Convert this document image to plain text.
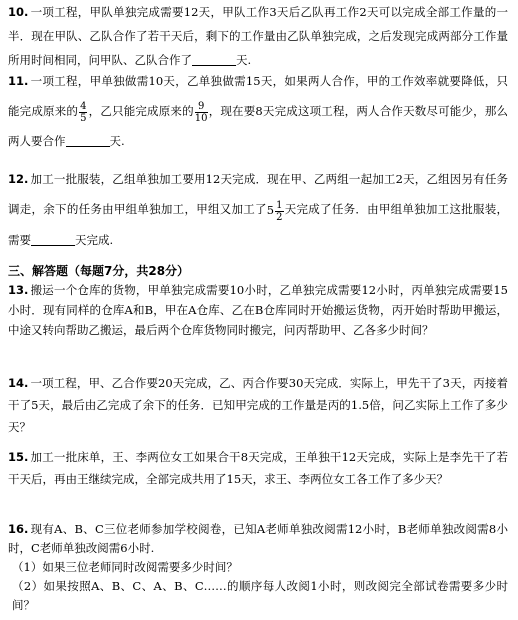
10. 一项工程，甲队单独完成需要12天，甲队工作3天后乙队再工作2天可以完成全部工作量的一半．现在甲队、乙队合作了若干天后，剩下的工作量由乙队单独完成，之后发现完成两部分工作量所用时间相同，问甲队、乙队合作了	天.
11. 一项工程，甲单独做需10天，乙单独做需15天，如果两人合作，甲的工作效率就要降低，只能完成原来的 $\frac{4}{5}$ ，乙只能完成原来的 $\frac{9}{10}$ ，现在要8天完成这项工程，两人合作天数尽可能少，那么两人要合作	天.
12. 加工一批服装，乙组单独加工要用12天完成．现在甲、乙两组一起加工2天，乙组因另有任务调走，余下的任务由甲组单独加工，甲组又加工了$5 \frac{1}{2}$ 天完成了任务．由甲组单独加工这批服装，需要	天完成.
三、解答题（每题7分，共28分）
13. 搬运一个仓库的货物，甲单独完成需要10小时，乙单独完成需要12小时，丙单独完成需要15小时．现有同样的仓库A和B，甲在A仓库、乙在B仓库同时开始搬运货物，丙开始时帮助甲搬运，中途又转向帮助乙搬运，最后两个仓库货物同时搬完，问丙帮助甲、乙各多少时间？
14. 一项工程，甲、乙合作要20天完成，乙、丙合作要30天完成．实际上，甲先干了3天，丙接着干了5天，最后由乙完成了余下的任务．已知甲完成的工作量是丙的1.5倍，问乙实际上工作了多少天？
15. 加工一批床单，王、李两位女工如果合干8天完成，王单独干12天完成，实际上是李先干了若干天后，再由王继续完成，全部完成共用了15天，求王、李两位女工各工作了多少天？
16. 现有A、B、C三位老师参加学校阅卷，已知A老师单独改阅需12小时，B老师单独改阅需8小时，C老师单独改阅需6小时.
（1）如果三位老师同时改阅需要多少时间？
（2）如果按照A、B、C、A、B、C……的顺序每人改阅1小时，则改阅完全部试卷需要多少时间？
